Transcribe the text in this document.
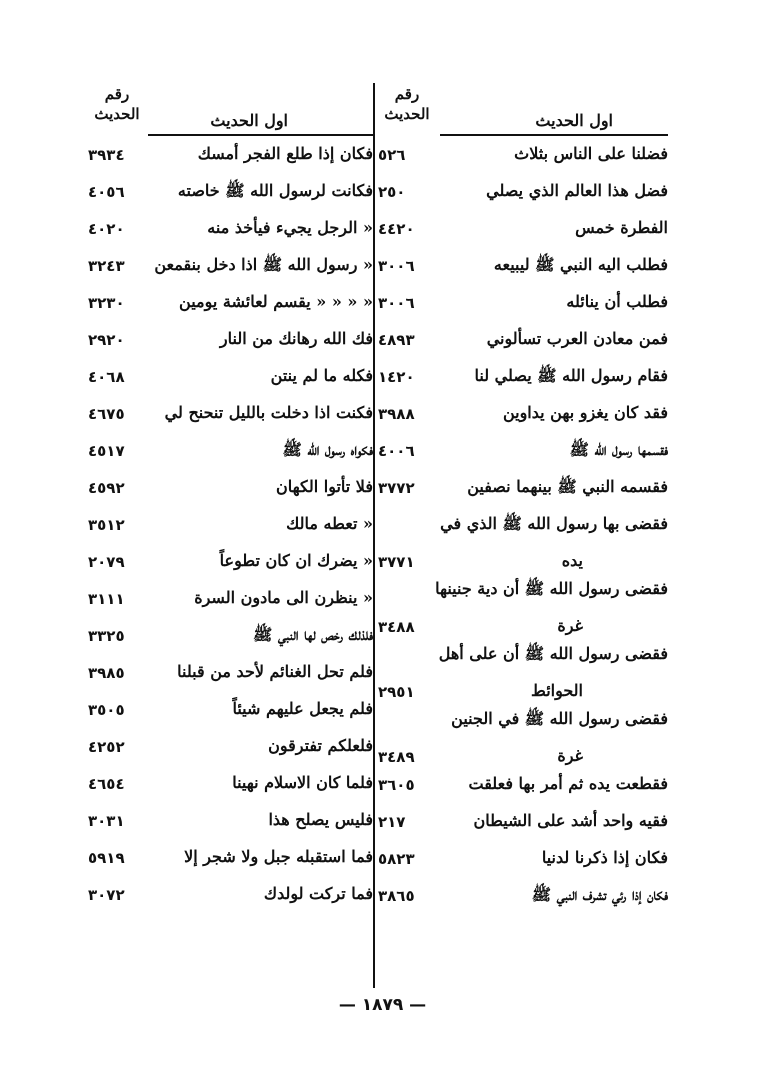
رقم الحديث	اول الحديث
فضلنا على الناس بثلاث
٥٢٦
فضل هذا العالم الذي يصلي
٢٥٠
الفطرة خمس
٤٤٢٠
فطلب اليه النبي ﷺ ليبيعه
٣٠٠٦
فطلب أن ينائله
٣٠٠٦
فمن معادن العرب تسألوني
٤٨٩٣
فقام رسول الله ﷺ يصلي لنا
١٤٢٠
فقد كان يغزو بهن يداوين
٣٩٨٨
فقسمها رسول الله ﷺ
٤٠٠٦
فقسمه النبي ﷺ بينهما نصفين
٣٧٧٢
فقضى بها رسول الله ﷺ الذي في
يده
٣٧٧١
فقضى رسول الله ﷺ أن دية جنينها
غرة
٣٤٨٨
فقضى رسول الله ﷺ أن على أهل
الحوائط
٢٩٥١
فقضى رسول الله ﷺ في الجنين
غرة
٣٤٨٩
فقطعت يده ثم أمر بها فعلقت
٣٦٠٥
فقيه واحد أشد على الشيطان
٢١٧
فكان إذا ذكرنا لدنيا
٥٨٢٣
فكان إذا رئي تشرف النبي ﷺ
٣٨٦٥
رقم الحديث	اول الحديث
فكان إذا طلع الفجر أمسك
٣٩٣٤
فكانت لرسول الله ﷺ خاصته
٤٠٥٦
« الرجل يجيء فيأخذ منه
٤٠٢٠
« رسول الله ﷺ اذا دخل بنقمعن
٣٢٤٣
« « « « يقسم لعائشة يومين
٣٢٣٠
فك الله رهانك من النار
٢٩٢٠
فكله ما لم ينتن
٤٠٦٨
فكنت اذا دخلت بالليل تنحنح لي
٤٦٧٥
فكواه رسول الله ﷺ
٤٥١٧
فلا تأتوا الكهان
٤٥٩٢
« تعطه مالك
٣٥١٢
« يضرك ان كان تطوعاً
٢٠٧٩
« ينظرن الى مادون السرة
٣١١١
فلذلك رخص لها النبي ﷺ
٣٣٢٥
فلم تحل الغنائم لأحد من قبلنا
٣٩٨٥
فلم يجعل عليهم شيئاً
٣٥٠٥
فلعلكم تفترقون
٤٢٥٢
فلما كان الاسلام نهينا
٤٦٥٤
فليس يصلح هذا
٣٠٣١
فما استقبله جبل ولا شجر إلا
٥٩١٩
فما تركت لولدك
٣٠٧٢
— ١٨٧٩ —
